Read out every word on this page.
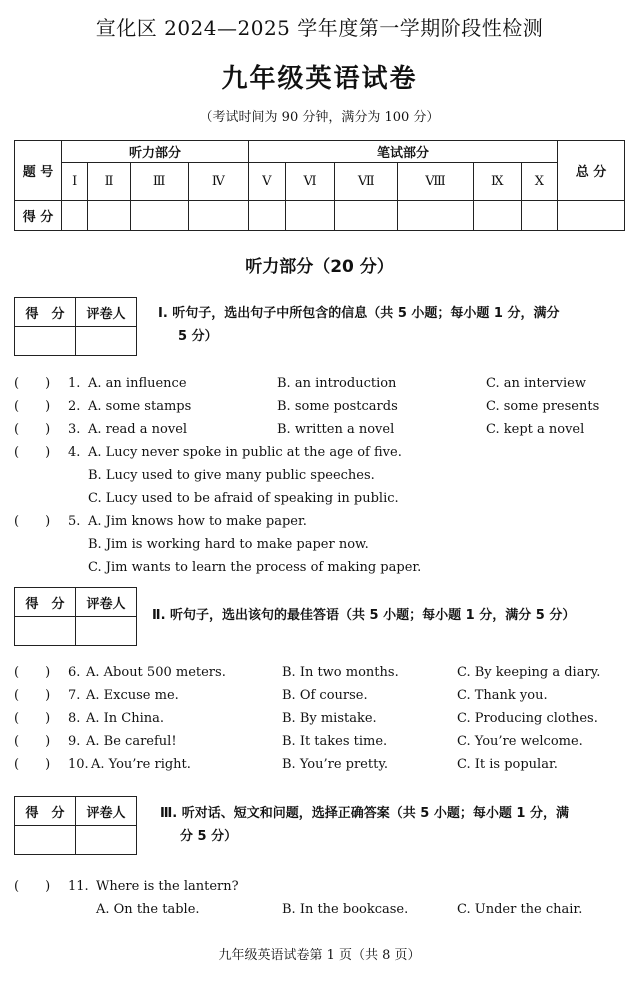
宣化区 2024—2025 学年度第一学期阶段性检测
九年级英语试卷
（考试时间为 90 分钟，满分为 100 分）
题 号	听力部分				笔试部分						总 分
	Ⅰ	Ⅱ	Ⅲ	Ⅳ	Ⅴ	Ⅵ	Ⅶ	Ⅷ	Ⅸ	Ⅹ	
得 分											
听力部分（20 分）
得　分	评卷人
		Ⅰ. 听句子，选出句子中所包含的信息（共 5 小题；每小题 1 分，满分
5 分）
(　　) 1. A. an influence	B. an introduction	C. an interview
(　　) 2. A. some stamps	B. some postcards	C. some presents
(　　) 3. A. read a novel	B. written a novel	C. kept a novel
(　　) 4. A. Lucy never spoke in public at the age of five.
B. Lucy used to give many public speeches.
C. Lucy used to be afraid of speaking in public.
(　　) 5. A. Jim knows how to make paper.
B. Jim is working hard to make paper now.
C. Jim wants to learn the process of making paper.
得　分	评卷人

Ⅱ. 听句子，选出该句的最佳答语（共 5 小题；每小题 1 分，满分 5 分）
(　　) 6. A. About 500 meters.	B. In two months.	C. By keeping a diary.
(　　) 7. A. Excuse me.	B. Of course.	C. Thank you.
(　　) 8. A. In China.	B. By mistake.	C. Producing clothes.
(　　) 9. A. Be careful!	B. It takes time.	C. You’re welcome.
(　　) 10. A. You’re right.	B. You’re pretty.	C. It is popular.
得　分	评卷人
		Ⅲ. 听对话、短文和问题，选择正确答案（共 5 小题；每小题 1 分，满
分 5 分）
(　　) 11. Where is the lantern?
A. On the table.	B. In the bookcase.	C. Under the chair.
九年级英语试卷第 1 页（共 8 页）
